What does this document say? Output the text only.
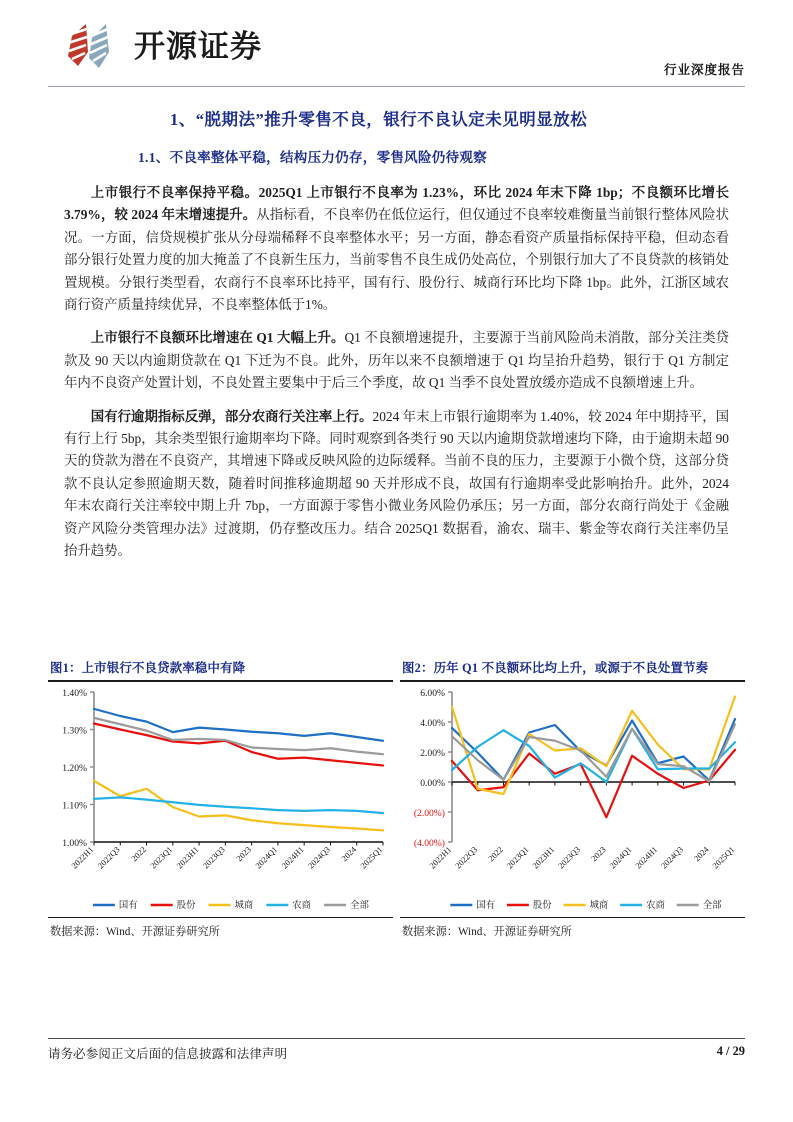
开源证券
行业深度报告
1、“脱期法”推升零售不良，银行不良认定未见明显放松
1.1、不良率整体平稳，结构压力仍存，零售风险仍待观察

上市银行不良率保持平稳。2025Q1 上市银行不良率为 1.23%，环比 2024 年末下降 1bp；不良额环比增长 3.79%，较 2024 年末增速提升。从指标看，不良率仍在低位运行，但仅通过不良率较难衡量当前银行整体风险状况。一方面，信贷规模扩张从分母端稀释不良率整体水平；另一方面，静态看资产质量指标保持平稳，但动态看部分银行处置力度的加大掩盖了不良新生压力，当前零售不良生成仍处高位，个别银行加大了不良贷款的核销处置规模。分银行类型看，农商行不良率环比持平，国有行、股份行、城商行环比均下降 1bp。此外，江浙区域农商行资产质量持续优异，不良率整体低于1%。

上市银行不良额环比增速在 Q1 大幅上升。Q1 不良额增速提升，主要源于当前风险尚未消散，部分关注类贷款及 90 天以内逾期贷款在 Q1 下迁为不良。此外，历年以来不良额增速于 Q1 均呈抬升趋势，银行于 Q1 方制定年内不良资产处置计划，不良处置主要集中于后三个季度，故 Q1 当季不良处置放缓亦造成不良额增速上升。

国有行逾期指标反弹，部分农商行关注率上行。2024 年末上市银行逾期率为 1.40%，较 2024 年中期持平，国有行上行 5bp，其余类型银行逾期率均下降。同时观察到各类行 90 天以内逾期贷款增速均下降，由于逾期未超 90 天的贷款为潜在不良资产，其增速下降或反映风险的边际缓释。当前不良的压力，主要源于小微个贷，这部分贷款不良认定参照逾期天数，随着时间推移逾期超 90 天并形成不良，故国有行逾期率受此影响抬升。此外，2024 年末农商行关注率较中期上升 7bp，一方面源于零售小微业务风险仍承压；另一方面，部分农商行尚处于《金融资产风险分类管理办法》过渡期，仍存整改压力。结合 2025Q1 数据看，渝农、瑞丰、紫金等农商行关注率仍呈抬升趋势。

图1：上市银行不良贷款率稳中有降
1.00%
1.10%
1.20%
1.30%
1.40%
2022H1 2022Q3 2022 2023Q1 2023H1 2023Q3 2023 2024Q1 2024H1 2024Q3 2024 2025Q1
国有	股份	城商	农商	全部
数据来源：Wind、开源证券研究所
图2：历年 Q1 不良额环比均上升，或源于不良处置节奏
(4.00%)
(2.00%)
0.00%
2.00%
4.00%
6.00%
2022H1 2022Q3 2022 2023Q1 2023H1 2023Q3 2023 2024Q1 2024H1 2024Q3 2024 2025Q1
国有	股份	城商	农商	全部
数据来源：Wind、开源证券研究所
请务必参阅正文后面的信息披露和法律声明	4 / 29
